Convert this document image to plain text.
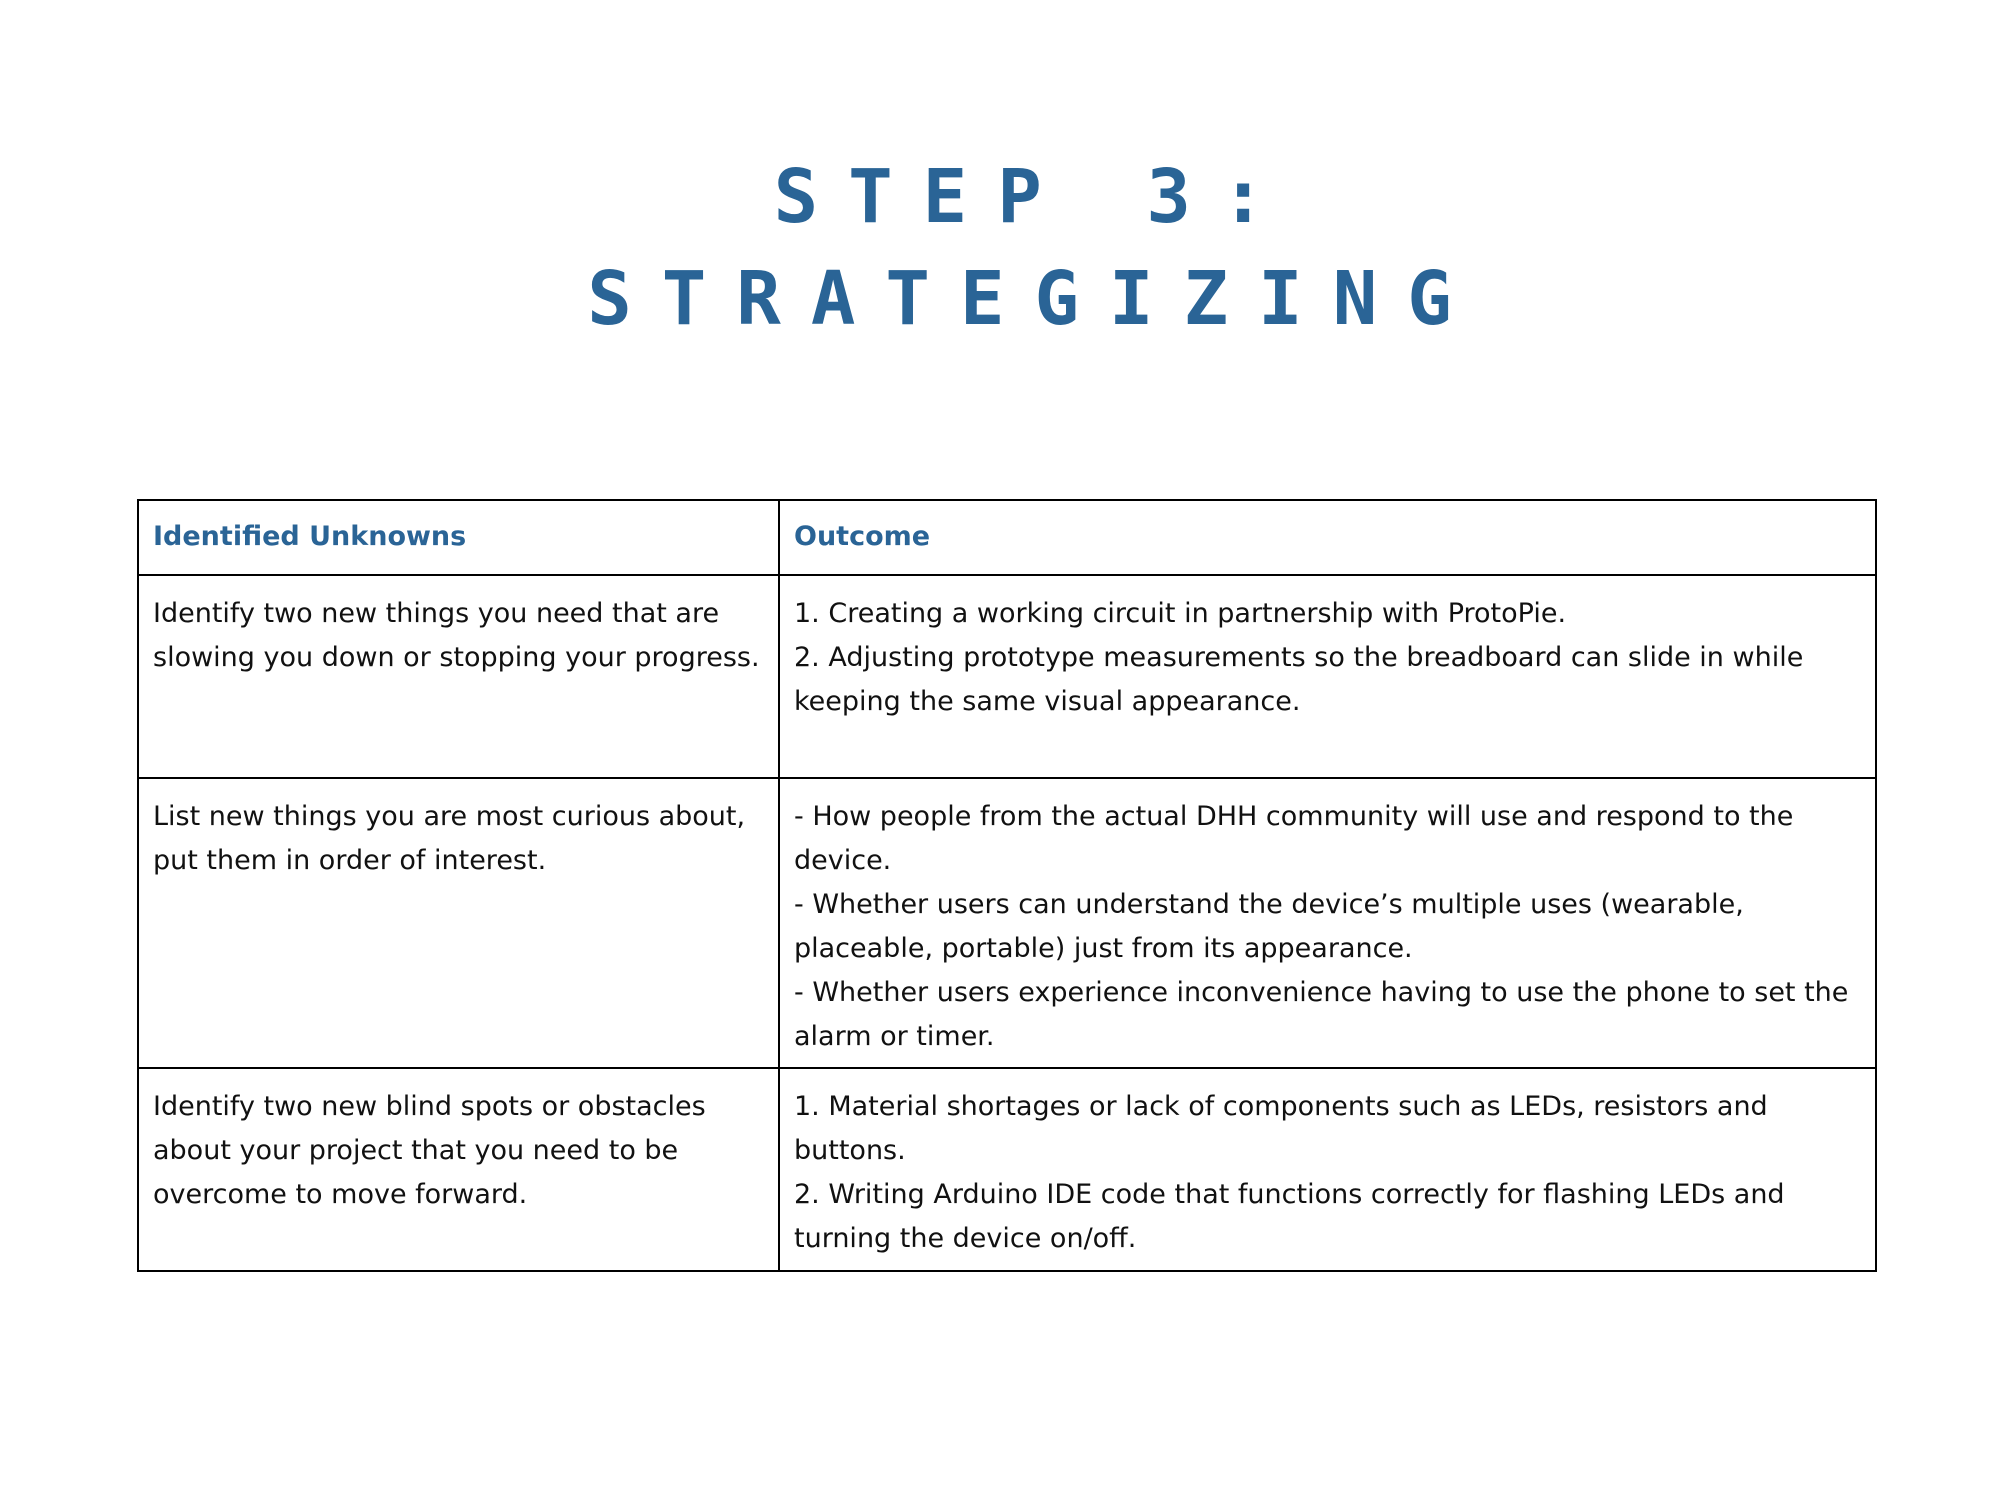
STEP 3:
STRATEGIZING
Identified Unknowns	Outcome
Identify two new things you need that are slowing you down or stopping your progress.	1. Creating a working circuit in partnership with ProtoPie.
2. Adjusting prototype measurements so the breadboard can slide in while keeping the same visual appearance.

List new things you are most curious about, put them in order of interest.	- How people from the actual DHH community will use and respond to the device.
- Whether users can understand the device’s multiple uses (wearable, placeable, portable) just from its appearance.
- Whether users experience inconvenience having to use the phone to set the alarm or timer.

Identify two new blind spots or obstacles about your project that you need to be overcome to move forward.	1. Material shortages or lack of components such as LEDs, resistors and buttons.
2. Writing Arduino IDE code that functions correctly for flashing LEDs and turning the device on/off.
